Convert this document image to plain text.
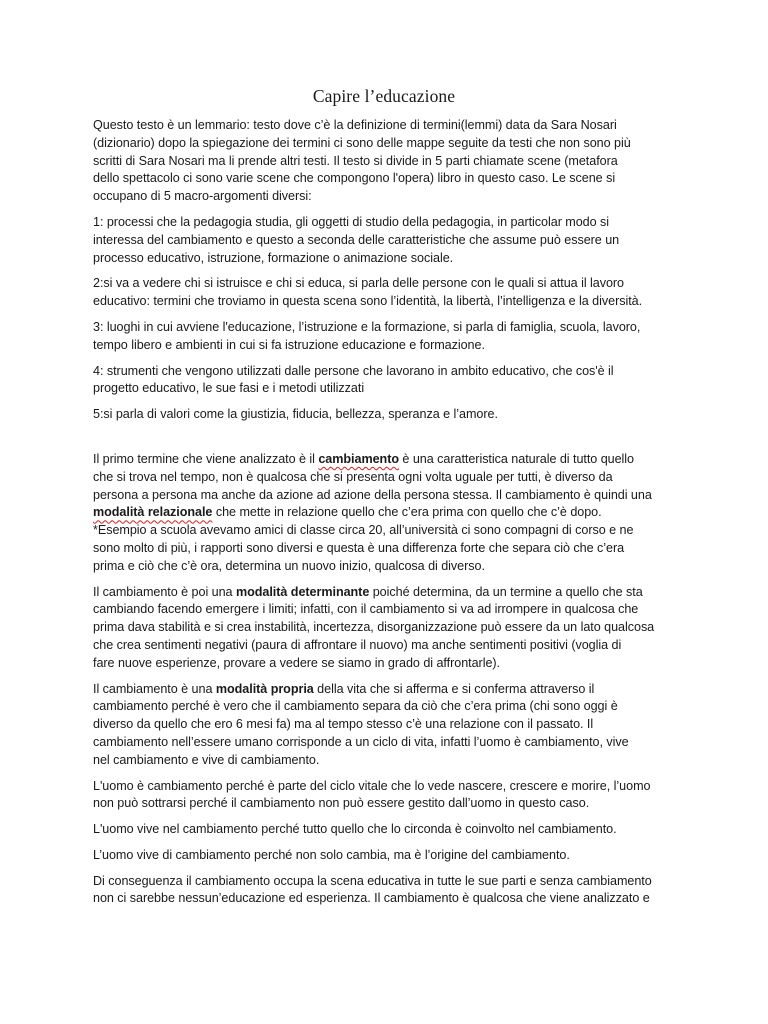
Capire l’educazione

Questo testo è un lemmario: testo dove c’è la definizione di termini(lemmi) data da Sara Nosari
(dizionario) dopo la spiegazione dei termini ci sono delle mappe seguite da testi che non sono più
scritti di Sara Nosari ma li prende altri testi. Il testo si divide in 5 parti chiamate scene (metafora
dello spettacolo ci sono varie scene che compongono l'opera) libro in questo caso. Le scene si
occupano di 5 macro-argomenti diversi:

1: processi che la pedagogia studia, gli oggetti di studio della pedagogia, in particolar modo si
interessa del cambiamento e questo a seconda delle caratteristiche che assume può essere un
processo educativo, istruzione, formazione o animazione sociale.

2:si va a vedere chi si istruisce e chi si educa, si parla delle persone con le quali si attua il lavoro
educativo: termini che troviamo in questa scena sono l’identità, la libertà, l’intelligenza e la diversità.

3: luoghi in cui avviene l'educazione, l’istruzione e la formazione, si parla di famiglia, scuola, lavoro,
tempo libero e ambienti in cui si fa istruzione educazione e formazione.

4: strumenti che vengono utilizzati dalle persone che lavorano in ambito educativo, che cos'è il
progetto educativo, le sue fasi e i metodi utilizzati

5:si parla di valori come la giustizia, fiducia, bellezza, speranza e l’amore.

Il primo termine che viene analizzato è il cambiamento è una caratteristica naturale di tutto quello
che si trova nel tempo, non è qualcosa che si presenta ogni volta uguale per tutti, è diverso da
persona a persona ma anche da azione ad azione della persona stessa. Il cambiamento è quindi una
modalità relazionale che mette in relazione quello che c’era prima con quello che c’è dopo.
*Esempio a scuola avevamo amici di classe circa 20, all’università ci sono compagni di corso e ne
sono molto di più, i rapporti sono diversi e questa è una differenza forte che separa ciò che c’era
prima e ciò che c’è ora, determina un nuovo inizio, qualcosa di diverso.

Il cambiamento è poi una modalità determinante poiché determina, da un termine a quello che sta
cambiando facendo emergere i limiti; infatti, con il cambiamento si va ad irrompere in qualcosa che
prima dava stabilità e si crea instabilità, incertezza, disorganizzazione può essere da un lato qualcosa
che crea sentimenti negativi (paura di affrontare il nuovo) ma anche sentimenti positivi (voglia di
fare nuove esperienze, provare a vedere se siamo in grado di affrontarle).

Il cambiamento è una modalità propria della vita che si afferma e si conferma attraverso il
cambiamento perché è vero che il cambiamento separa da ciò che c’era prima (chi sono oggi è
diverso da quello che ero 6 mesi fa) ma al tempo stesso c’è una relazione con il passato. Il
cambiamento nell’essere umano corrisponde a un ciclo di vita, infatti l’uomo è cambiamento, vive
nel cambiamento e vive di cambiamento.

L'uomo è cambiamento perché è parte del ciclo vitale che lo vede nascere, crescere e morire, l’uomo
non può sottrarsi perché il cambiamento non può essere gestito dall’uomo in questo caso.

L'uomo vive nel cambiamento perché tutto quello che lo circonda è coinvolto nel cambiamento.

L’uomo vive di cambiamento perché non solo cambia, ma è l’origine del cambiamento.

Di conseguenza il cambiamento occupa la scena educativa in tutte le sue parti e senza cambiamento
non ci sarebbe nessun’educazione ed esperienza. Il cambiamento è qualcosa che viene analizzato e
